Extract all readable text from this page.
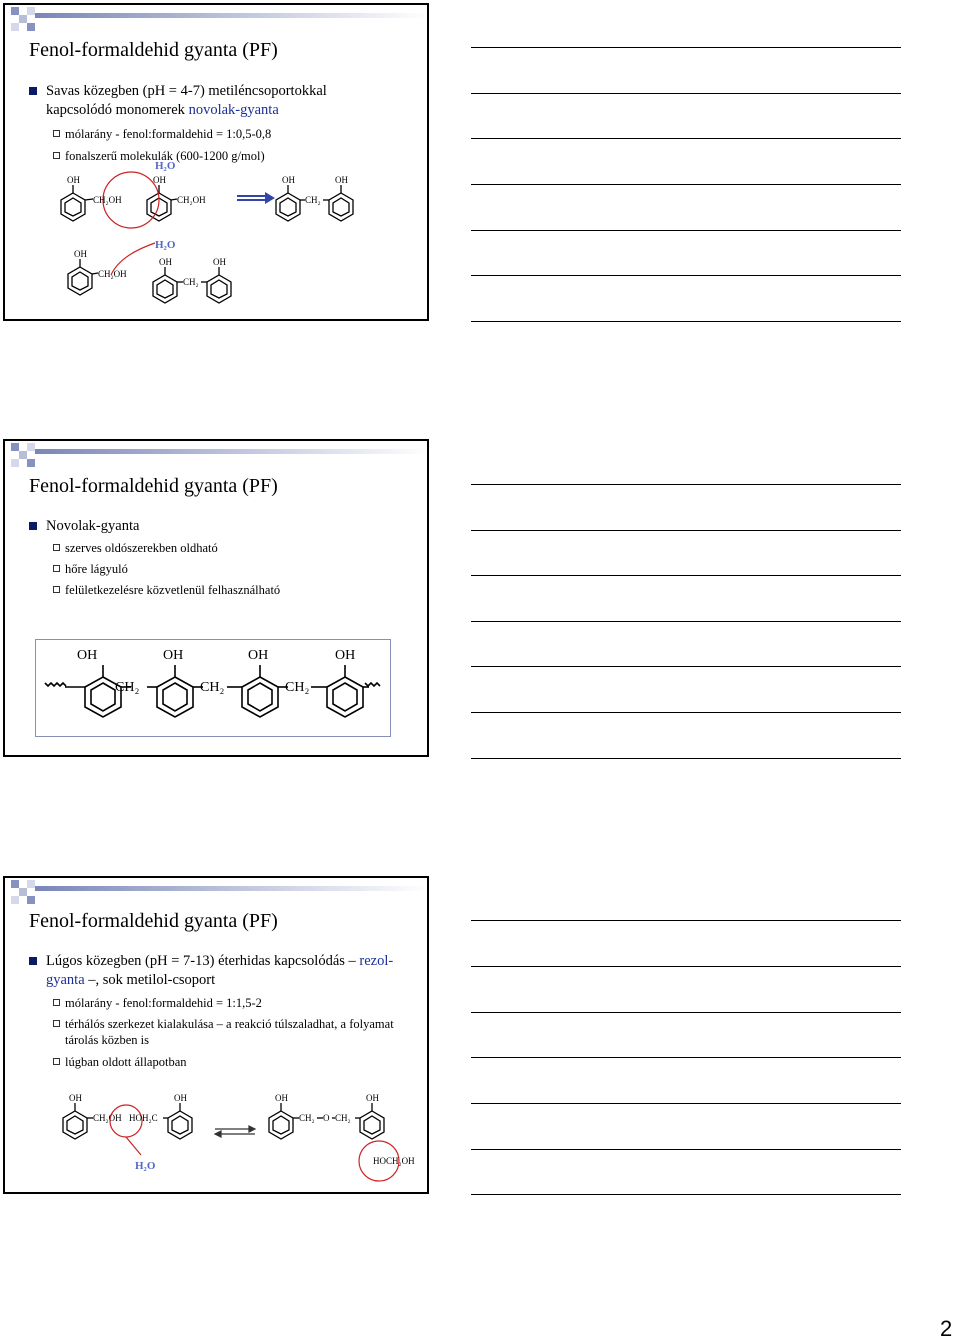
Fenol-formaldehid gyanta (PF)
Savas közegben (pH = 4-7) metiléncsoportokkal kapcsolódó monomerek novolak-gyanta
mólarány - fenol:formaldehid = 1:0,5-0,8
fonalszerű molekulák (600-1200 g/mol)
OH
CH₂OH
OH
CH₂OH
OH
CH₂
OH
OH
CH₂OH
OH
CH₂
OH
H₂O
H₂O
Fenol-formaldehid gyanta (PF)
Novolak-gyanta
szerves oldószerekben oldható
hőre lágyuló
felületkezelésre közvetlenül felhasználható
OH	OH	OH	OH
CH₂	CH₂	CH₂
Fenol-formaldehid gyanta (PF)
Lúgos közegben (pH = 7-13) éterhidas kapcsolódás – rezol-gyanta –, sok metilol-csoport
mólarány - fenol:formaldehid = 1:1,5-2
térhálós szerkezet kialakulása – a reakció túlszaladhat, a folyamat tárolás közben is
lúgban oldott állapotban
OH
CH₂OH HOH₂C
OH	OH
CH₂ O CH₂
OH
HOCH₂OH
H₂O
2
